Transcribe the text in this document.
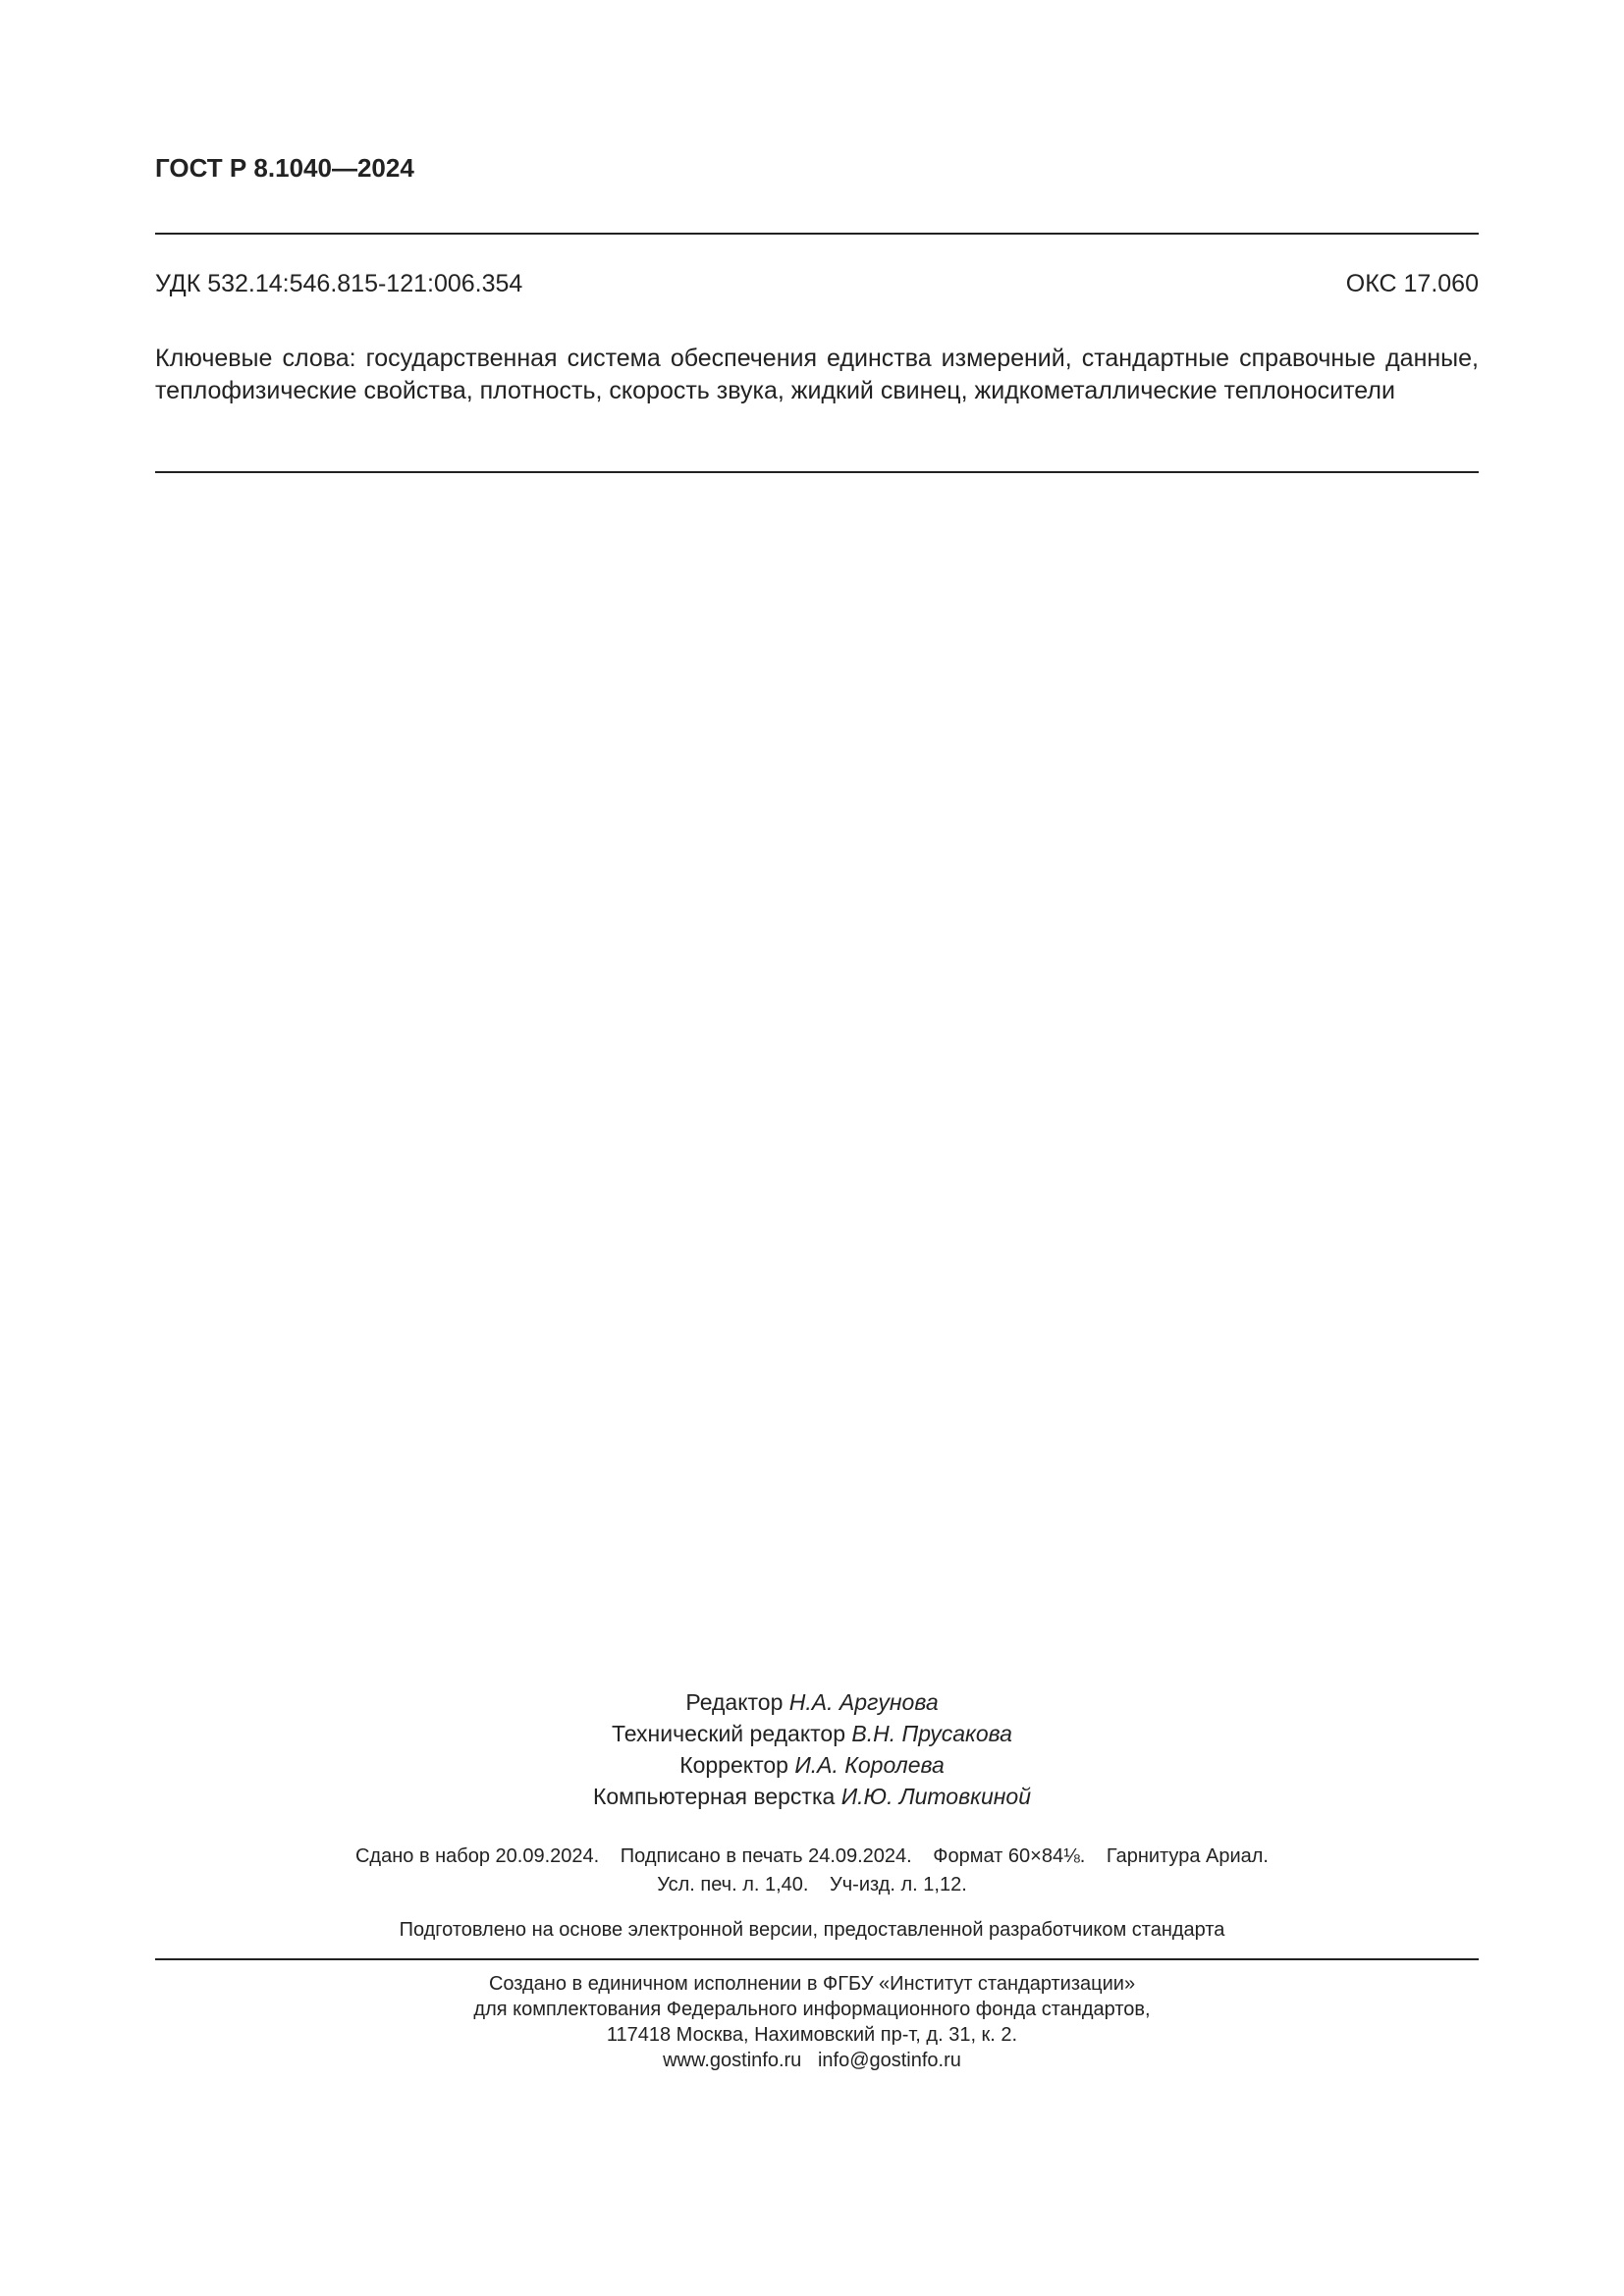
ГОСТ Р 8.1040—2024
УДК 532.14:546.815-121:006.354	ОКС 17.060

Ключевые слова: государственная система обеспечения единства измерений, стандартные справочные данные, теплофизические свойства, плотность, скорость звука, жидкий свинец, жидкометаллические теплоносители

Редактор Н.А. Аргунова
Технический редактор В.Н. Прусакова
Корректор И.А. Королева
Компьютерная верстка И.Ю. Литовкиной
Сдано в набор 20.09.2024. Подписано в печать 24.09.2024. Формат 60×84⅛. Гарнитура Ариал.
Усл. печ. л. 1,40. Уч-изд. л. 1,12.
Подготовлено на основе электронной версии, предоставленной разработчиком стандарта
Создано в единичном исполнении в ФГБУ «Институт стандартизации»
для комплектования Федерального информационного фонда стандартов,
117418 Москва, Нахимовский пр-т, д. 31, к. 2.
www.gostinfo.ru info@gostinfo.ru
